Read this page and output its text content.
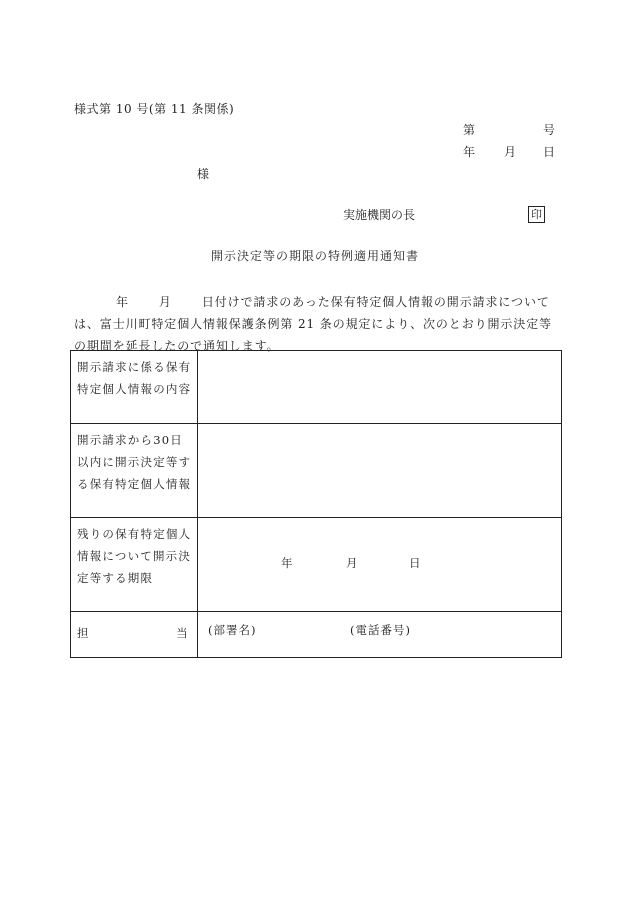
様式第 10 号(第 11 条関係)
第	号
年 月 日
様
実施機関の長	印
開示決定等の期限の特例適用通知書
年	月	日付けで請求のあった保有特定個人情報の開示請求について
は、富士川町特定個人情報保護条例第 21 条の規定により、次のとおり開示決定等
の期間を延長したので通知します。
開示請求に係る保有特定個人情報の内容	
開示請求から30日以内に開示決定等する保有特定個人情報	
残りの保有特定個人情報について開示決定等する期限	年 月 日

担 当	(部署名) (電話番号)
